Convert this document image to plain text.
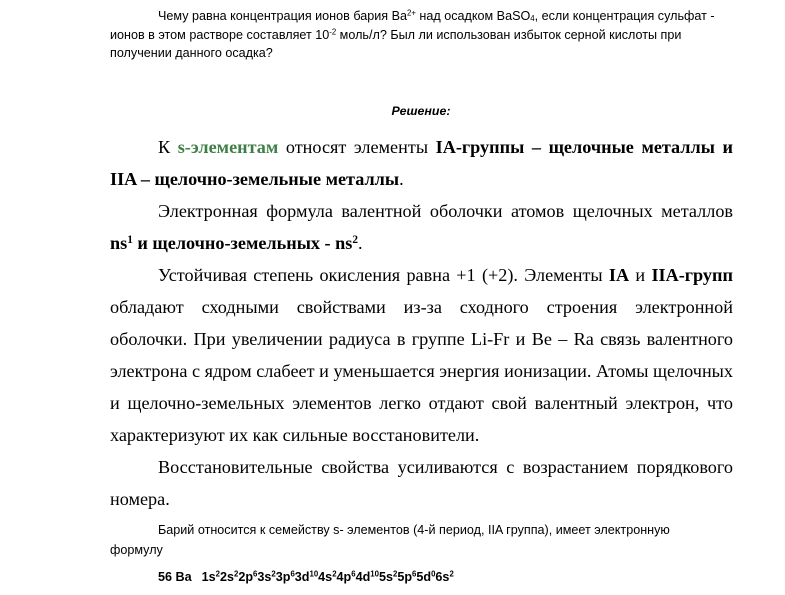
Чему равна концентрация ионов бария $Ba^{2+}$ над осадком BaSO$_4$, если концентрация сульфат - ионов в этом растворе составляет $10^{-2}$ моль/л? Был ли использован избыток серной кислоты при получении данного осадка?
Решение:

К s-элементам относят элементы IA-группы – щелочные металлы и IIA – щелочно-земельные металлы.

Электронная формула валентной оболочки атомов щелочных металлов $ns^1$ и щелочно-земельных - $ns^2$.

Устойчивая степень окисления равна +1 (+2). Элементы IA и IIA-групп обладают сходными свойствами из-за сходного строения электронной оболочки. При увеличении радиуса в группе Li-Fr и Be – Ra связь валентного электрона с ядром слабеет и уменьшается энергия ионизации. Атомы щелочных и щелочно-земельных элементов легко отдают свой валентный электрон, что характеризуют их как сильные восстановители.

Восстановительные свойства усиливаются с возрастанием порядкового номера.

Барий относится к семейству s- элементов (4-й период, IIA группа), имеет электронную формулу
56 Ba $1s^22s^22p^63s^23p^63d^{10}4s^24p^64d^{10}5s^25p^65d^06s^2$
